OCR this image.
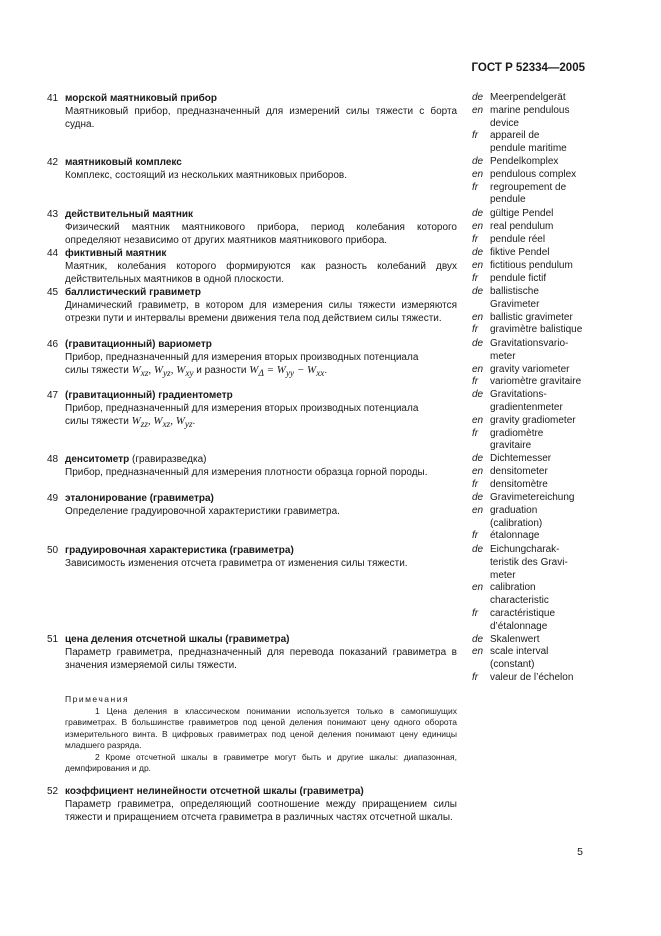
ГОСТ Р 52334—2005
41 морской маятниковый прибор
Маятниковый прибор, предназначенный для измерений силы тяжести с борта судна.
42 маятниковый комплекс
Комплекс, состоящий из нескольких маятниковых приборов.
43 действительный маятник
Физический маятник маятникового прибора, период колебания которого определяют независимо от других маятников маятникового прибора.
44 фиктивный маятник
Маятник, колебания которого формируются как разность колебаний двух действительных маятников в одной плоскости.
45 баллистический гравиметр
Динамический гравиметр, в котором для измерения силы тяжести измеряются отрезки пути и интервалы времени движения тела под действием силы тяжести.
46 (гравитационный) вариометр
Прибор, предназначенный для измерения вторых производных потенциала
силы тяжести $W_{xz}$, $W_{yz}$, $W_{xy}$ и разности $W_\Delta = W_{yy} - W_{xx}$.
47 (гравитационный) градиентометр
Прибор, предназначенный для измерения вторых производных потенциала
силы тяжести $W_{zz}$, $W_{xz}$, $W_{yz}$.
48 денситометр (гравиразведка)
Прибор, предназначенный для измерения плотности образца горной породы.
49 эталонирование (гравиметра)
Определение градуировочной характеристики гравиметра.
50 градуировочная характеристика (гравиметра)
Зависимость изменения отсчета гравиметра от изменения силы тяжести.
51 цена деления отсчетной шкалы (гравиметра)
Параметр гравиметра, предназначенный для перевода показаний гравиметра в значения измеряемой силы тяжести.
Примечания

1 Цена деления в классическом понимании используется только в самопишущих гравиметрах. В большинстве гравиметров под ценой деления понимают цену одного оборота измерительного винта. В цифровых гравиметрах под ценой деления понимают цену единицы младшего разряда.

2 Кроме отсчетной шкалы в гравиметре могут быть и другие шкалы: диапазонная, демпфирования и др.

52 коэффициент нелинейности отсчетной шкалы (гравиметра)
Параметр гравиметра, определяющий соотношение между приращением силы тяжести и приращением отсчета гравиметра в различных частях отсчетной шкалы.
de Meerpendelgerät
en marine pendulous
device
fr appareil de
pendule maritime
de Pendelkomplex
en pendulous complex
fr regroupement de
pendule
de gültige Pendel
en real pendulum
fr pendule réel
de fiktive Pendel
en fictitious pendulum
fr pendule fictif
de ballistische
Gravimeter
en ballistic gravimeter
fr gravimètre balistique
de Gravitationsvario-
meter
en gravity variometer
fr variomètre gravitaire
de Gravitations-
gradientenmeter
en gravity gradiometer
fr gradiomètre
gravitaire
de Dichtemesser
en densitometer
fr densitomètre
de Gravimetereichung
en graduation
(calibration)
fr étalonnage
de Eichungcharak-
teristik des Gravi-
meter
en calibration
characteristic
fr caractéristique
d’étalonnage
de Skalenwert
en scale interval
(constant)
fr valeur de l’échelon
5
